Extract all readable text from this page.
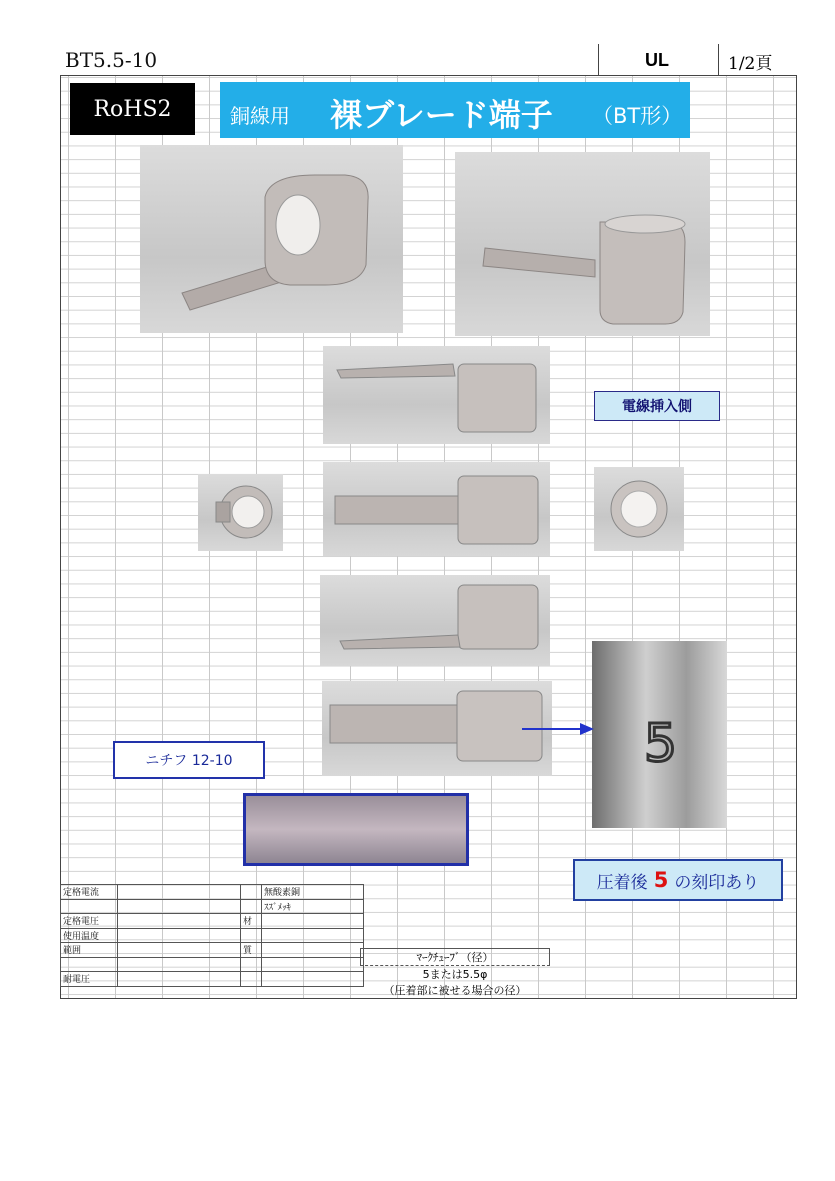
BT5.5-10	UL	1/2頁
RoHS2	銅線用 裸ブレード端子 （BT形）
5
電線挿入側
ニチフ 12-10
圧着後 5 の刻印あり
定格電流			無酸素銅
			ｽｽﾞﾒｯｷ
定格電圧		材	
使用温度			
範囲		質	

耐電圧			
ﾏｰｸﾁｭｰﾌﾞ（径）
5または5.5φ
（圧着部に被せる場合の径）
